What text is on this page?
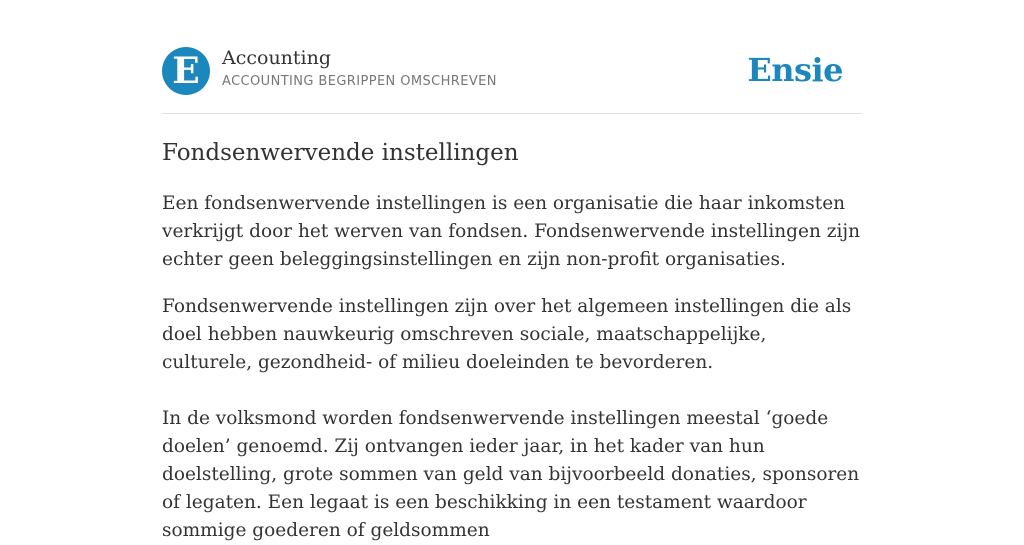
E	Accounting
ACCOUNTING BEGRIPPEN OMSCHREVEN	Ensie
Fondsenwervende instellingen

Een fondsenwervende instellingen is een organisatie die haar inkomsten verkrijgt door het werven van fondsen. Fondsenwervende instellingen zijn echter geen beleggingsinstellingen en zijn non-profit organisaties.

Fondsenwervende instellingen zijn over het algemeen instellingen die als doel hebben nauwkeurig omschreven sociale, maatschappelijke, culturele, gezondheid- of milieu doeleinden te bevorderen.

In de volksmond worden fondsenwervende instellingen meestal ‘goede doelen’ genoemd. Zij ontvangen ieder jaar, in het kader van hun doelstelling, grote sommen van geld van bijvoorbeeld donaties, sponsoren of legaten. Een legaat is een beschikking in een testament waardoor sommige goederen of geldsommen
